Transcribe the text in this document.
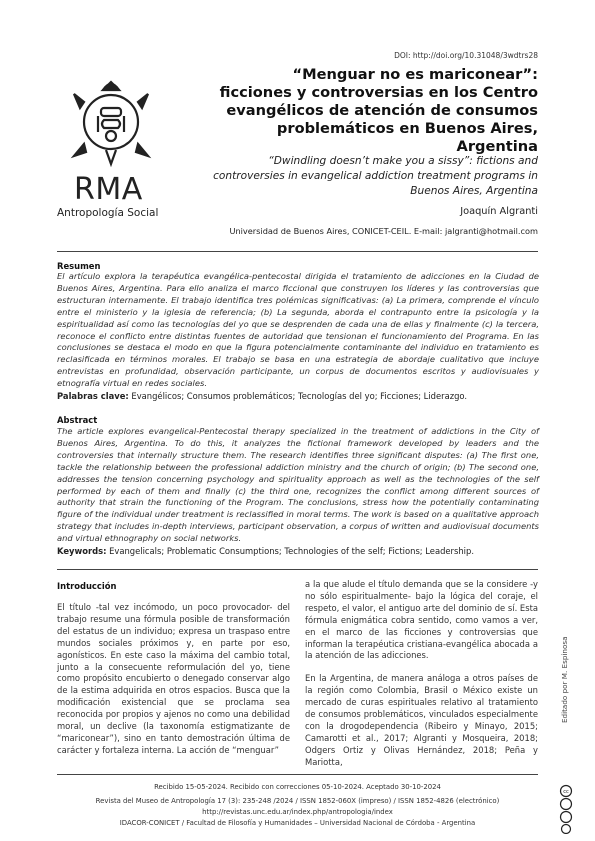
DOI: http://doi.org/10.31048/3wdtrs28
RMA
Antropología Social
“Menguar no es mariconear”: ficciones y controversias en los Centro evangélicos de atención de consumos problemáticos en Buenos Aires, Argentina
“Dwindling doesn’t make you a sissy”: fictions and controversies in evangelical addiction treatment programs in Buenos Aires, Argentina
Joaquín Algranti
Universidad de Buenos Aires, CONICET-CEIL. E-mail: jalgranti@hotmail.com
Resumen
El artículo explora la terapéutica evangélica-pentecostal dirigida el tratamiento de adicciones en la Ciudad de Buenos Aires, Argentina. Para ello analiza el marco ficcional que construyen los líderes y las controversias que estructuran internamente. El trabajo identifica tres polémicas significativas: (a) La primera, comprende el vínculo entre el ministerio y la iglesia de referencia; (b) La segunda, aborda el contrapunto entre la psicología y la espiritualidad así como las tecnologías del yo que se desprenden de cada una de ellas y finalmente (c) la tercera, reconoce el conflicto entre distintas fuentes de autoridad que tensionan el funcionamiento del Programa. En las conclusiones se destaca el modo en que la figura potencialmente contaminante del individuo en tratamiento es reclasificada en términos morales. El trabajo se basa en una estrategia de abordaje cualitativo que incluye entrevistas en profundidad, observación participante, un corpus de documentos escritos y audiovisuales y etnografía virtual en redes sociales.
Palabras clave: Evangélicos; Consumos problemáticos; Tecnologías del yo; Ficciones; Liderazgo.
Abstract
The article explores evangelical-Pentecostal therapy specialized in the treatment of addictions in the City of Buenos Aires, Argentina. To do this, it analyzes the fictional framework developed by leaders and the controversies that internally structure them. The research identifies three significant disputes: (a) The first one, tackle the relationship between the professional addiction ministry and the church of origin; (b) The second one, addresses the tension concerning psychology and spirituality approach as well as the technologies of the self performed by each of them and finally (c) the third one, recognizes the conflict among different sources of authority that strain the functioning of the Program. The conclusions, stress how the potentially contaminating figure of the individual under treatment is reclassified in moral terms. The work is based on a qualitative approach strategy that includes in-depth interviews, participant observation, a corpus of written and audiovisual documents and virtual ethnography on social networks.
Keywords: Evangelicals; Problematic Consumptions; Technologies of the self; Fictions; Leadership.
Introducción
El título -tal vez incómodo, un poco provocador- del trabajo resume una fórmula posible de transformación del estatus de un individuo; expresa un traspaso entre mundos sociales próximos y, en parte por eso, agonísticos. En este caso la máxima del cambio total, junto a la consecuente reformulación del yo, tiene como propósito encubierto o denegado conservar algo de la estima adquirida en otros espacios. Busca que la modificación existencial que se proclama sea reconocida por propios y ajenos no como una debilidad moral, un declive (la taxonomía estigmatizante de “mariconear”), sino en tanto demostración última de carácter y fortaleza interna. La acción de “menguar”

a la que alude el título demanda que se la considere -y no sólo espiritualmente- bajo la lógica del coraje, el respeto, el valor, el antiguo arte del dominio de sí. Esta fórmula enigmática cobra sentido, como vamos a ver, en el marco de las ficciones y controversias que informan la terapéutica cristiana-evangélica abocada a la atención de las adicciones.

En la Argentina, de manera análoga a otros países de la región como Colombia, Brasil o México existe un mercado de curas espirituales relativo al tratamiento de consumos problemáticos, vinculados especialmente con la drogodependencia (Ribeiro y Minayo, 2015; Camarotti et al., 2017; Algranti y Mosqueira, 2018; Odgers Ortiz y Olivas Hernández, 2018; Peña y Mariotta,

Editado por M. Espinosa
cc
Recibido 15-05-2024. Recibido con correcciones 05-10-2024. Aceptado 30-10-2024
Revista del Museo de Antropología 17 (3): 235-248 /2024 / ISSN 1852-060X (impreso) / ISSN 1852-4826 (electrónico)
http://revistas.unc.edu.ar/index.php/antropologia/index
IDACOR-CONICET / Facultad de Filosofía y Humanidades – Universidad Nacional de Córdoba - Argentina
